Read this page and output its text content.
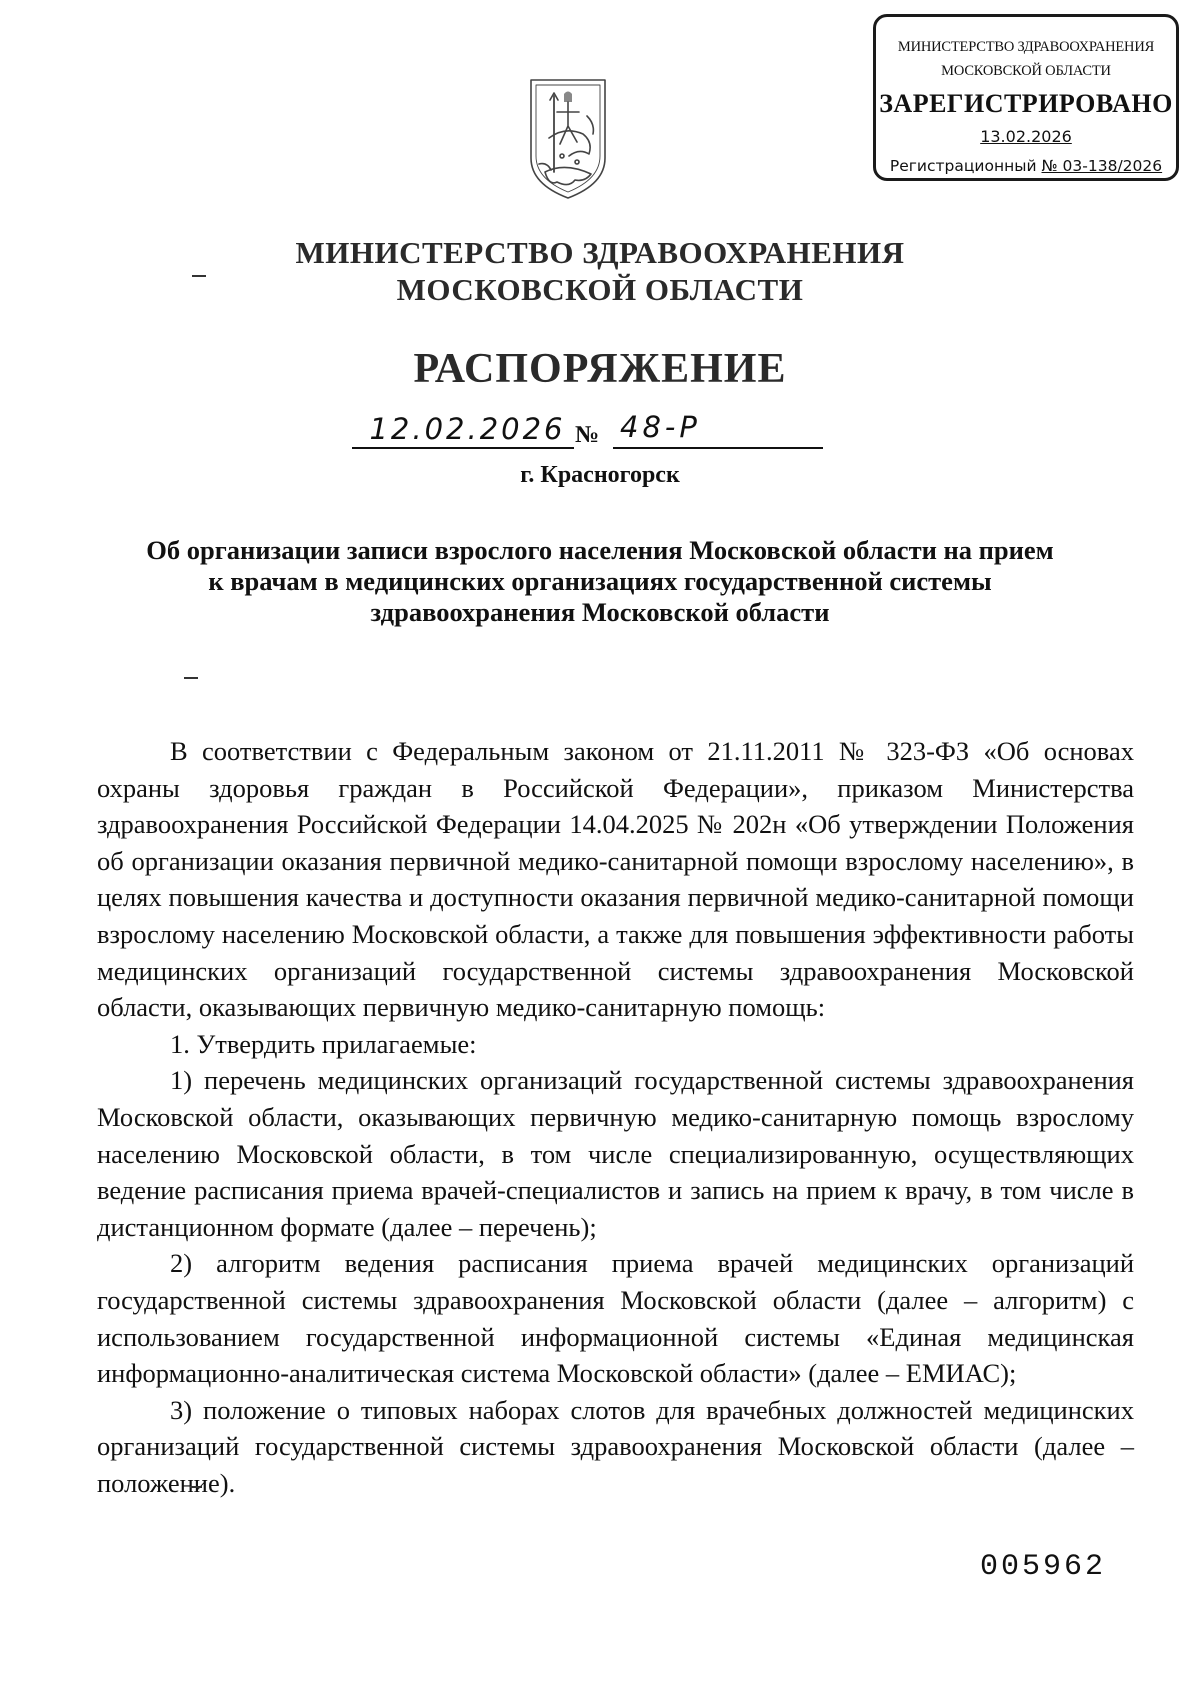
МИНИСТЕРСТВО ЗДРАВООХРАНЕНИЯ
МОСКОВСКОЙ ОБЛАСТИ
ЗАРЕГИСТРИРОВАНО
13.02.2026
Регистрационный № 03-138/2026
МИНИСТЕРСТВО ЗДРАВООХРАНЕНИЯ
МОСКОВСКОЙ ОБЛАСТИ
РАСПОРЯЖЕНИЕ
12.02.2026 № 48-Р
г. Красногорск
Об организации записи взрослого населения Московской области на прием
к врачам в медицинских организациях государственной системы
здравоохранения Московской области

В соответствии с Федеральным законом от 21.11.2011 № 323-ФЗ «Об основах охраны здоровья граждан в Российской Федерации», приказом Министерства здравоохранения Российской Федерации 14.04.2025 № 202н «Об утверждении Положения об организации оказания первичной медико-санитарной помощи взрослому населению», в целях повышения качества и доступности оказания первичной медико-санитарной помощи взрослому населению Московской области, а также для повышения эффективности работы медицинских организаций государственной системы здравоохранения Московской области, оказывающих первичную медико-санитарную помощь:

1. Утвердить прилагаемые:

1) перечень медицинских организаций государственной системы здравоохранения Московской области, оказывающих первичную медико-санитарную помощь взрослому населению Московской области, в том числе специализированную, осуществляющих ведение расписания приема врачей-специалистов и запись на прием к врачу, в том числе в дистанционном формате (далее – перечень);

2) алгоритм ведения расписания приема врачей медицинских организаций государственной системы здравоохранения Московской области (далее – алгоритм) с использованием государственной информационной системы «Единая медицинская информационно-аналитическая система Московской области» (далее – ЕМИАС);

3) положение о типовых наборах слотов для врачебных должностей медицинских организаций государственной системы здравоохранения Московской области (далее – положение).

005962
